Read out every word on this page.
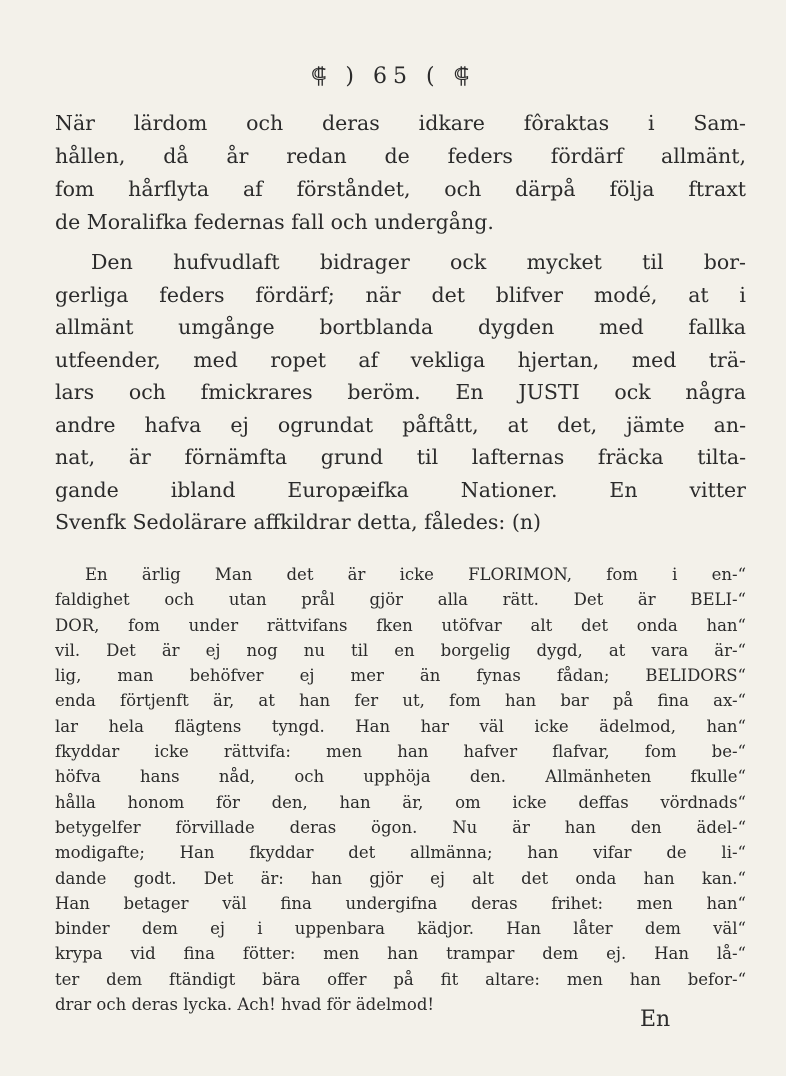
⸿ ) 65 ( ⸿
När lärdom och deras idkare fôraktas i Sam-
hållen, då år redan de feders fördärf allmänt,
fom hårflyta af förståndet, och därpå följa ftraxt
de Moralifka federnas fall och undergång.
Den hufvudlaft bidrager ock mycket til bor-
gerliga feders fördärf; när det blifver modé, at i
allmänt umgånge bortblanda dygden med fallka
utfeender, med ropet af vekliga hjertan, med trä-
lars och fmickrares beröm. En JUSTI ock några
andre hafva ej ogrundat påftått, at det, jämte an-
nat, är förnämfta grund til lafternas fräcka tilta-
gande ibland Europæifka Nationer. En vitter
Svenfk Sedolärare affkildrar detta, fåledes: (n)
En ärlig Man det är icke FLORIMON, fom i en-“
faldighet och utan prål gjör alla rätt. Det är BELI-“
DOR, fom under rättvifans fken utöfvar alt det onda han“
vil. Det är ej nog nu til en borgelig dygd, at vara är-“
lig, man behöfver ej mer än fynas fådan; BELIDORS“
enda förtjenft är, at han fer ut, fom han bar på fina ax-“
lar hela flägtens tyngd. Han har väl icke ädelmod, han“
fkyddar icke rättvifa: men han hafver flafvar, fom be-“
höfva hans nåd, och upphöja den. Allmänheten fkulle“
hålla honom för den, han är, om icke deffas vördnads“
betygelfer förvillade deras ögon. Nu är han den ädel-“
modigafte; Han fkyddar det allmänna; han vifar de li-“
dande godt. Det är: han gjör ej alt det onda han kan.“
Han betager väl fina undergifna deras frihet: men han“
binder dem ej i uppenbara kädjor. Han låter dem väl“
krypa vid fina fötter: men han trampar dem ej. Han lå-“
ter dem ftändigt bära offer på fit altare: men han befor-“
drar och deras lycka. Ach! hvad för ädelmod!
En
